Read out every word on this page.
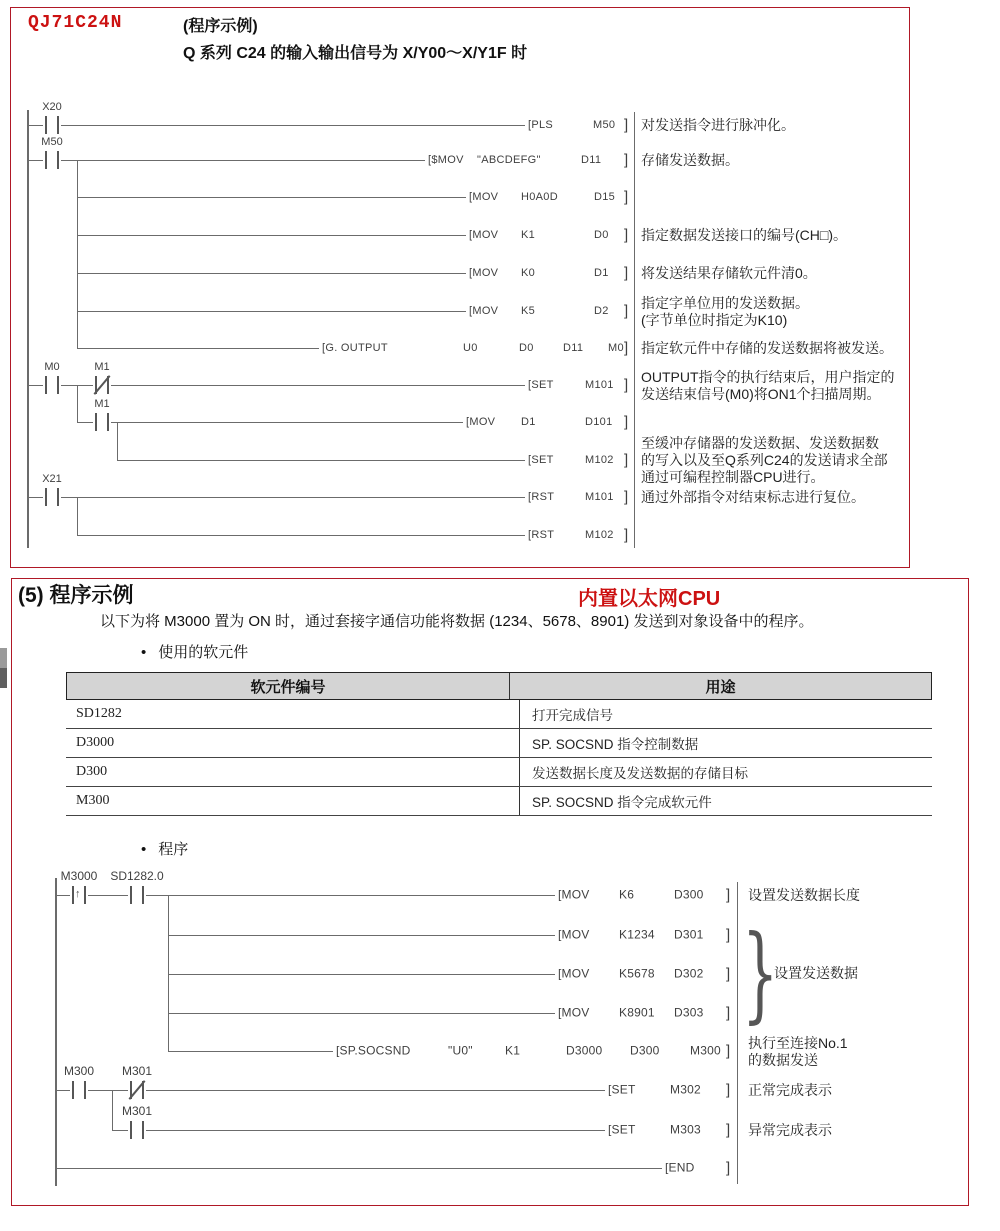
QJ71C24N	(程序示例)
Q 系列 C24 的输入输出信号为 X/Y00～X/Y1F 时
X20
[PLS	M50 ] 对发送指令进行脉冲化。
M50
[$MOV "ABCDEFG"	D11 ] 存储发送数据。
[MOV H0A0D	D15 ]
[MOV K1	D0 ] 指定数据发送接口的编号(CH□)。
[MOV K0	D1 ] 将发送结果存储软元件清0。
[MOV K5	D2 ] 指定字单位用的发送数据。
(字节单位时指定为K10)
[G. OUTPUT	U0	D0	D11 M0 ] 指定软元件中存储的发送数据将被发送。
M0	M1
[SET	M101 ] OUTPUT指令的执行结束后，用户指定的
发送结束信号(M0)将ON1个扫描周期。
M1
[MOV D1	D101 ]
[SET	M102 ]
至缓冲存储器的发送数据、发送数据数
的写入以及至Q系列C24的发送请求全部
通过可编程控制器CPU进行。
X21
[RST	M101 ] 通过外部指令对结束标志进行复位。
[RST	M102 ]
↑
M3000 SD1282.0
[MOV K6	D300 ] 设置发送数据长度
[MOV K1234 D301 ]
[MOV K5678 D302 ]
[MOV K8901 D303 ]
[SP.SOCSND	"U0"	K1	D3000 D300	M300 ] 执行至连接No.1
的数据发送
M300 M301
[SET	M302 ] 正常完成表示
M301
[SET	M303 ] 异常完成表示
[END ]
}
设置发送数据
(5) 程序示例	内置以太网CPU
以下为将 M3000 置为 ON 时，通过套接字通信功能将数据 (1234、5678、8901) 发送到对象设备中的程序。
• 使用的软元件
软元件编号	用途
SD1282	打开完成信号
D3000	SP. SOCSND 指令控制数据
D300	发送数据长度及发送数据的存储目标
M300	SP. SOCSND 指令完成软元件
• 程序
